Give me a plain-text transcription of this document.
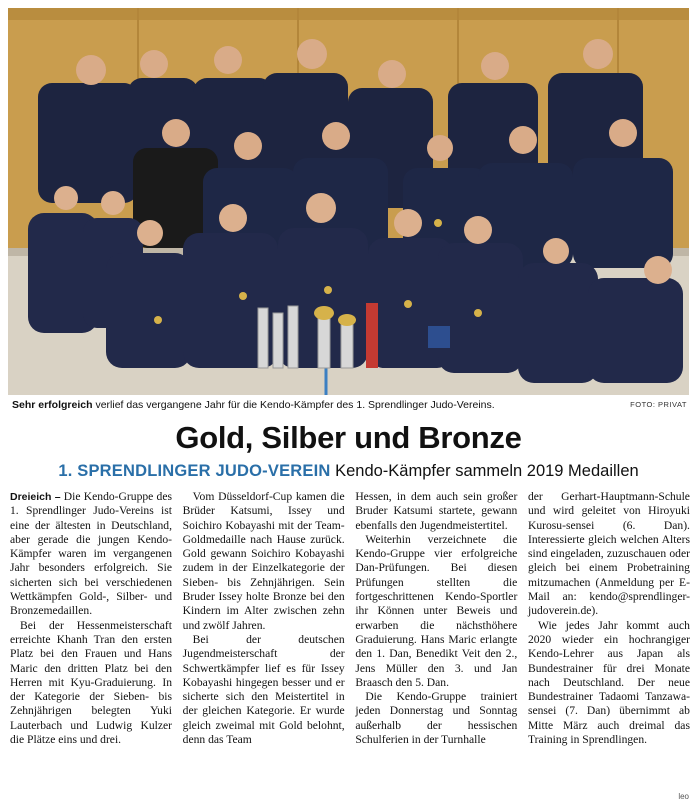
Sehr erfolgreich verlief das vergangene Jahr für die Kendo-Kämpfer des 1. Sprendlinger Judo-Vereins.	FOTO: PRIVAT
Gold, Silber und Bronze
1. SPRENDLINGER JUDO-VEREIN Kendo-Kämpfer sammeln 2019 Medaillen

Dreieich – Die Kendo-Gruppe des 1. Sprendlinger Judo-Vereins ist eine der ältesten in Deutschland, aber gerade die jungen Kendo-Kämpfer waren im vergangenen Jahr besonders erfolgreich. Sie sicherten sich bei verschiedenen Wettkämpfen Gold-, Silber- und Bronzemedaillen.

Bei der Hessenmeisterschaft erreichte Khanh Tran den ersten Platz bei den Frauen und Hans Maric den dritten Platz bei den Herren mit Kyu-Graduierung. In der Kategorie der Sieben- bis Zehnjährigen belegten Yuki Lauterbach und Ludwig Kulzer die Plätze eins und drei.

Vom Düsseldorf-Cup kamen die Brüder Katsumi, Issey und Soichiro Kobayashi mit der Team-Goldmedaille nach Hause zurück. Gold gewann Soichiro Kobayashi zudem in der Einzelkategorie der Sieben- bis Zehnjährigen. Sein Bruder Issey holte Bronze bei den Kindern im Alter zwischen zehn und zwölf Jahren.

Bei der deutschen Jugendmeisterschaft der Schwertkämpfer lief es für Issey Kobayashi hingegen besser und er sicherte sich den Meistertitel in der gleichen Kategorie. Er wurde gleich zweimal mit Gold belohnt, denn das Team

Hessen, in dem auch sein großer Bruder Katsumi startete, gewann ebenfalls den Jugendmeistertitel.

Weiterhin verzeichnete die Kendo-Gruppe vier erfolgreiche Dan-Prüfungen. Bei diesen Prüfungen stellten die fortgeschrittenen Kendo-Sportler ihr Können unter Beweis und erwarben die nächsthöhere Graduierung. Hans Maric erlangte den 1. Dan, Benedikt Veit den 2., Jens Müller den 3. und Jan Braasch den 5. Dan.

Die Kendo-Gruppe trainiert jeden Donnerstag und Sonntag außerhalb der hessischen Schulferien in der Turnhalle

der Gerhart-Hauptmann-Schule und wird geleitet von Hiroyuki Kurosu-sensei (6. Dan). Interessierte gleich welchen Alters sind eingeladen, zuzuschauen oder gleich bei einem Probetraining mitzumachen (Anmeldung per E-Mail an: kendo@sprendlinger-judoverein.de).

Wie jedes Jahr kommt auch 2020 wieder ein hochrangiger Kendo-Lehrer aus Japan als Bundestrainer für drei Monate nach Deutschland. Der neue Bundestrainer Tadaomi Tanzawa-sensei (7. Dan) übernimmt ab Mitte März auch dreimal das Training in Sprendlingen.

leo
